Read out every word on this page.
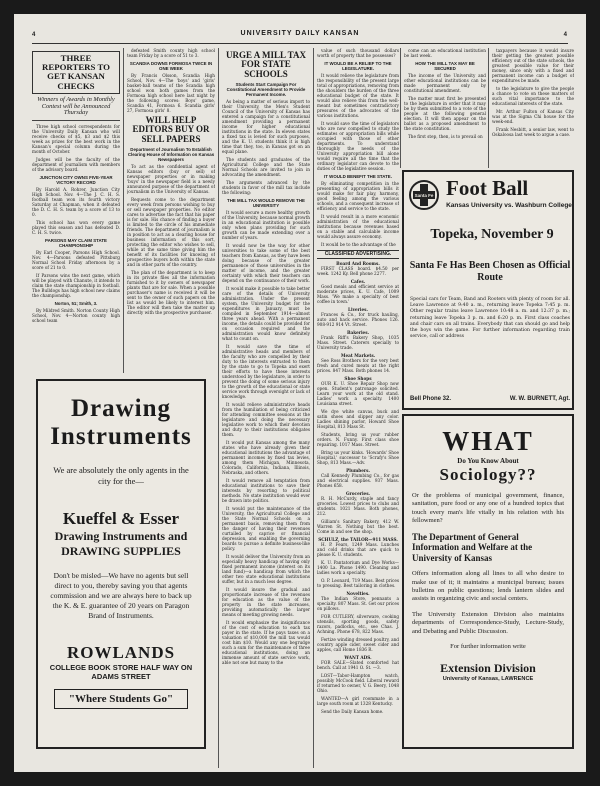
4	UNIVERSITY DAILY KANSAN	4
THREE REPORTERS TO GET KANSAN CHECKS
Winners of Awards in Monthly Contest will be Announced Thursday

Three high school correspondents for the University Daily Kansan who will receive checks of $5, $3 and $2 this week as prizes for the best work in the Kansan's special column during the month of October.

Judges will be the faculty of the department of journalism with members of the advisory board.

JUNCTION CITY OWNS FIVE-YEAR VICTORY RECORD

By Harold A. Rohrer, Junction City High School. Nov. 4—The J. C. H. S. football team won its fourth victory Saturday at Chapman, when it defeated the D. C. H. S. team by a score of 13 to 0.

This school has won every game played this season and has defeated D. C. H. S. twice.

PARSONS MAY CLAIM STATE CHAMPIONSHIP

By Earl Cooper, Parsons High School. Nov. 4—Parsons defeated Pittsburg Normal School Friday afternoon by a score of 21 to 0.

If Parsons wins the next game, which will be played with Chanute, it intends to claim the state championship in football. The Bulldogs has high school new claims the championship.

Norton, 51; Smith, 3.

By Mildred Smith. Norton County High School, Nov. 4—Norton county high school team

defeated Smith county high school team Friday by a score of 51 to 3.

SCANDIA DOWNS FORMOSA TWICE IN ONE WEEK

By Francis Olsson, Scandia High School, Nov. 4—The 'boys' and 'girls' basket-ball teams of the Scandia high school won both games from the Formosa high school here last night by the following scores: Boys' game, Scandia 41, Formosa 6. Scandia girls' 27, Formosa girls' 8.

WILL HELP EDITORS BUY OR SELL PAPERS
Department of Journalism To Establish Clearing House of Information on Kansas Newspapers

To act as the confidential agent of Kansas editors (buy or sell) of newspaper properties or in making 'buys' in the newspaper field is a newly announced purpose of the department of journalism in the University of Kansas.

Requests come to the department every week from persons wishing to buy or sell newspaper properties. No editor cares to advertise the fact that his paper is for sale. His chance of finding a buyer is limited to the circle of his immediate friends. The department of journalism is in position to act as a clearing house for business information of this sort, protecting the editor who wishes to sell, while at the same time giving him the benefit of its facilities for knowing of prospective buyers both within the state and in other parts of the country.

The plan of the department is to keep in its private files all the information furnished to it by owners of newspaper plants that are for sale. When a possible purchaser's name is received it will be sent to the owner of such papers on the list as would be likely to interest him. The editor will then take the matter up directly with the prospective purchaser.

URGE A MILL TAX FOR STATE SCHOOLS
Students Start Campaign For Constitutional Amendment to Provide Permanent Income.

As being a matter of serious import to their University, the Men's Student Council of the University of Kansas has entered a campaign for a constitutional amendment providing a permanent income for higher educational institutions in the state. In eleven states a fixed tax is levied for such purposes, and the K. U. students think it is high time that they, too, in Kansas got on an equal plane.

The students and graduates of the Agricultural College and the State Normal Schools are invited to join in advocating the amendment.

The arguments advanced by the students in favor of the mill tax include the following:

THE MILL TAX WOULD REMOVE THE UNIVERSITY

It would secure a more healthy growth of the University, because normal growth in an educational institution is possible only when plans providing for such growth can be made extending over a number of years.

It would now be the way for other universities to take some of the best teachers from Kansas, as they have been doing because of the greater permanence of those universities in the matter of income, and the greater certainty with which their teachers can depend on the continuance of their work.

It would make it possible to take better care of the details of University administration. Under the present system, the University budget for the expenditures in January, must be compiled in September 1914—almost three years ahead. With a permanent income, the details could be provided for on occasion required and the administration would know definitely what to count on.

It would save the time of administrative heads and members of the faculty who are compelled by their duty to the interests entrusted to them by the state to go to Topeka and exert their efforts to have these interests understood by the legislature, in order to prevent the doing of some serious injury to the growth of the educational or state service work through oversight or lack of knowledge.

It would relieve administrative heads from the humiliation of being criticized for attending committee sessions at the legislature and doing the necessary legislative work to which their devotion and duty to their institutions obligates them.

It would put Kansas among the many states who have already given their educational institutions the advantage of permanent incomes by fixed tax levies, among them Michigan, Minnesota, Colorado, California, Indiana, Illinois, Nebraska, and others.

It would remove all temptation from educational institutions to save their interests by resorting to political methods. No state institution would ever be drawn into politics.

It would put the maintenance of the University, the Agricultural College and the State Normal Schools on a permanent basis, removing them from the danger of having their revenues curtailed by caprice or financial depression, and enabling the governing boards to pursue a definite business-like policy.

It would deliver the University from an especially heavy handicap of having only fixed permanent income (interest on its land fund)—a handicap from which the other two state educational institutions suffer, but in a much less degree.

It would insure the gradual and proportionate increase of the revenues for education as the value of the property in the state increases, providing automatically the larger means of meeting growing needs.

It would emphasize the insignificance of the cost of education to each tax payer in the state. If he pays taxes on a valuation of $10,000 the mill tax would cost him $10. Would any one begrudge such a sum for the maintenance of three educational institutions, doing an immense amount of state service work, able not one but many to the

value of such thousand dollars worth of property that he possesses?

IT WOULD BE A RELIEF TO THE LEGISLATURE.

It would relieve the legislature from the responsibility of the present large total of appropriations, removing from the shoulders the burden of the three educational budget of the state. It would also relieve this from the well-meant but sometimes contradictory pressures of the advocates of the various institutions.

It would save the time of legislators who are now compelled to study the estimates or appropriation bills while occupied with those of other departments. To understand thoroughly the needs of the University appropriation bill alone would require all the time that the ordinary legislator can devote to the duties of the legislative session.

IT WOULD BENEFIT THE STATE.

By eliminating competition in the presenting of appropriation bills it would make for fair play, harmony, good feeling among the various schools, and a consequent increase of efficiency and service to the state.

It would result in a more economic administration of the educational institutions because revenues based on a stable and calculable income would always assure economy.

It would be to the advantage of the

CLASSIFIED ADVERTISING.
Board And Rooms.

FIRST CLASS board. $4.50 per week. 1242 Ky. Bell phone 2277.

Cafes.

Good meals and efficient service at moderate prices, K. U. Cafe, 1009 Mass. 'We make a specialty of best coffee in town.'

Liveries.

Frances & Co., for truck hauling, auto and hack service. Phones 126. 908-912 914 Vt. Street.

Bakeries.

Frank Riff's Bakery Shop, 1035 Mass. Street. Caterers specially to University trade.

Meat Markets.

See Ross Brothers for the very best fresh and cured meats at the right prices. 847 Mass. Both phones 14.

Shoe Shops

OUR K. U. Shoe Repair Shop now open. Student's patronage solicited. Learn your work at the old stand. Ladies' work a specialty. 1400 Louisiana street.

We dye white canvas, buck and satin shoes and slipper any color. Ladies shining parlor, Howard Shoe Hospital, 813 Mass St.

Students, bring us your rubber orders. N. Funny. First class shoe repairing. 1017 Mass. Street.

Bring us your kinks. 'Howards' Shoe Hospital,' successor to 'Scrafy's Shoe Shop, 813 Mass.—Adv.

Plumbers.

Call Kennedy Plumbing Co., for gas and electrical supplies. 937 Mass. Phones 658.

Groceries.

R. H. McCurdy, staple and fancy groceries. Lowest prices to clubs and students. 1021 Mass. Both phones, 212.

Gilliam's Sanitary Bakery, 412 W. Warren St. Nothing but the best. Come in and see the shop.

SCHULZ, the TAILOR—911 MASS.

H. P. Fears, 1249 Mass. Lunches and cold drinks that are quick to please K. U. students.

K. U. Pantatorium and Dye Works—1400 La. Phone 1490. Cleaning and ladies work a specialty.

O. P. Leonard, 719 Mass. Best prices to pressing. Best tailoring in clothes.

Novelties.

The Indian Store, pennants a specialty. 807 Mass. St. Get our prices on pillows.

FOR CUTLERY, silverware, cooking utensils, sporting goods, safety razors, padlocks, etc., see Chas. J. Achning. Phone 678, 822 Mass.

Fertize winding dressed poultry, and country apple cider, sweet cider and apples, call Home 1836 R.

WANT ADS.

FOR SALE—Slated comforted hat bench. Call at 1941 O. St. —3.

LOST—Tabor-Hampton watch, possibly McCook field. Liberal reward if returned to owner, V. G. Beery, 1048 Ohio.

WANTED—A girl roommate in a large south room at 1328 Kentucky.

Send the Daily Kansan home.

come can an educational institution be last week.

HOW THE MILL TAX MAY BE SECURED

The income of the University and other educational institutions can be made permanent only by constitutional amendment.

The matter must first be presented to the legislature in order that it may be by them submitted to a vote of the people at the following general election. It will then appear on the ballot as a proposed amendment to the state constitution.

The first step, then, is to prevail on

taxpayers because it would insure their getting the greatest possible efficiency out of the state schools, the greatest possible value for their money, since only with a fixed and permanent income can a budget of expenditures be made.

to the legislature to give the people a chance to vote on these matters of such vital importance to the educational interests of the state.

Mr. Arthur Fulton of Kansas City was at the Sigma Chi house for the week-end.

Frank Nesbitt, a senior law, went to Oskaloosa last week to argue a case.

Drawing Instruments
We are absolutely the only agents in the city for the—
Kueffel & Esser
Drawing Instruments and DRAWING SUPPLIES
Don't be misled—We have no agents but sell direct to you, thereby saving you that agents commission and we are always here to back up the K. & E. guarantee of 20 years on Paragon Brand of Instruments.
ROWLANDS
COLLEGE BOOK STORE HALF WAY ON ADAMS STREET
"Where Students Go"
Santa Fe Foot Ball
Kansas University vs. Washburn College
Topeka, November 9
Santa Fe Has Been Chosen as Official Route
Special cars for Team, Band and Rooters with plenty of room for all. Leave Lawrence at 9:40 a. m., returning leave Topeka 7:45 p. m. Other regular trains leave Lawrence 10:48 a. m. and 12:37 p. m.; returning leave Topeka 3 p. m. and 6:20 p. m. First class coaches and chair cars on all trains. Everybody that can should go and help the boys win the game. For further information regarding train service, call or address
Bell Phone 32.	W. W. BURNETT, Agt.
WHAT
Do You Know About
Sociology??
Or the problems of municipal government, finance, sanitation, pure food or any one of a hundred topics that touch every man's life vitally in his relation with his fellowmen?
The Department of General Information and Welfare at the University of Kansas
Offers information along all lines to all who desire to make use of it; it maintains a municipal bureau; issues bulletins on public questions; lends lantern slides and assists in organizing civic and social centers.
The University Extension Division also maintains departments of Correspondence-Study, Lecture-Study, and Debating and Public Discussion.
For further information write
Extension Division
University of Kansas, LAWRENCE
